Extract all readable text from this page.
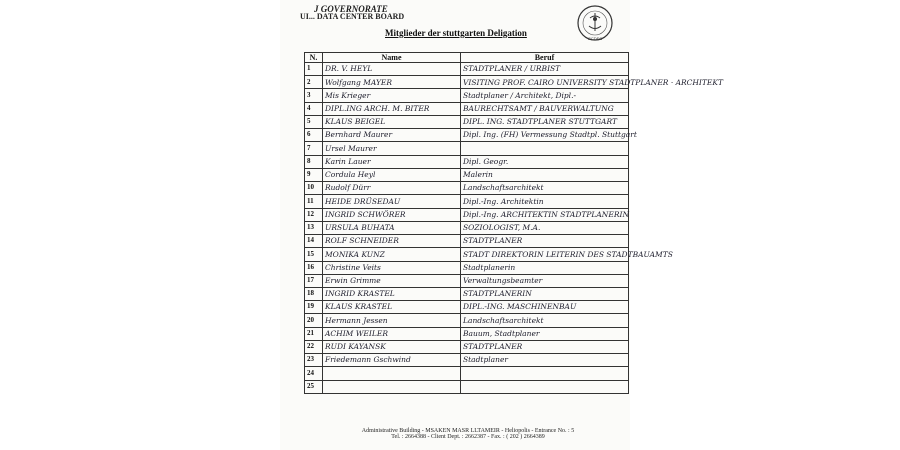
J GOVERNORATE
UI... DATA CENTER BOARD
GCDEC
Mitglieder der stuttgarten Deligation
N.	Name	Beruf
1	DR. V. HEYL	STADTPLANER / URBIST
2	Wolfgang MAYER	VISITING PROF. CAIRO UNIVERSITY STADTPLANER · ARCHITEKT
3	Mis Krieger	Stadtplaner / Architekt, Dipl.-
4	DIPL.ING ARCH. M. BITER	BAURECHTSAMT / BAUVERWALTUNG
5	KLAUS BEIGEL	DIPL. ING. STADTPLANER STUTTGART
6	Bernhard Maurer	Dipl. Ing. (FH) Vermessung Stadtpl. Stuttgart
7	Ursel Maurer	
8	Karin Lauer	Dipl. Geogr.
9	Cordula Heyl	Malerin
10	Rudolf Dürr	Landschaftsarchitekt
11	HEIDE DRÜSEDAU	Dipl.-Ing. Architektin
12	INGRID SCHWÖRER	Dipl.-Ing. ARCHITEKTIN STADTPLANERIN
13	URSULA BUHATA	SOZIOLOGIST, M.A.
14	ROLF SCHNEIDER	STADTPLANER
15	MONIKA KUNZ	STADT DIREKTORIN LEITERIN DES STADTBAUAMTS
16	Christine Veits	Stadtplanerin
17	Erwin Grimme	Verwaltungsbeamter
18	INGRID KRASTEL	STADTPLANERIN
19	KLAUS KRASTEL	DIPL.-ING. MASCHINENBAU
20	Hermann Jessen	Landschaftsarchitekt
21	ACHIM WEILER	Bauum, Stadtplaner
22	RUDI KAYANSK	STADTPLANER
23	Friedemann Gschwind	Stadtplaner
24		
25		
Administrative Building - MSAKEN MASR LLTAMEIR - Heliopolis - Entrance No. : 5
Tel. : 2664388 - Client Dept. : 2662387 - Fax. : ( 202 ) 2664389
